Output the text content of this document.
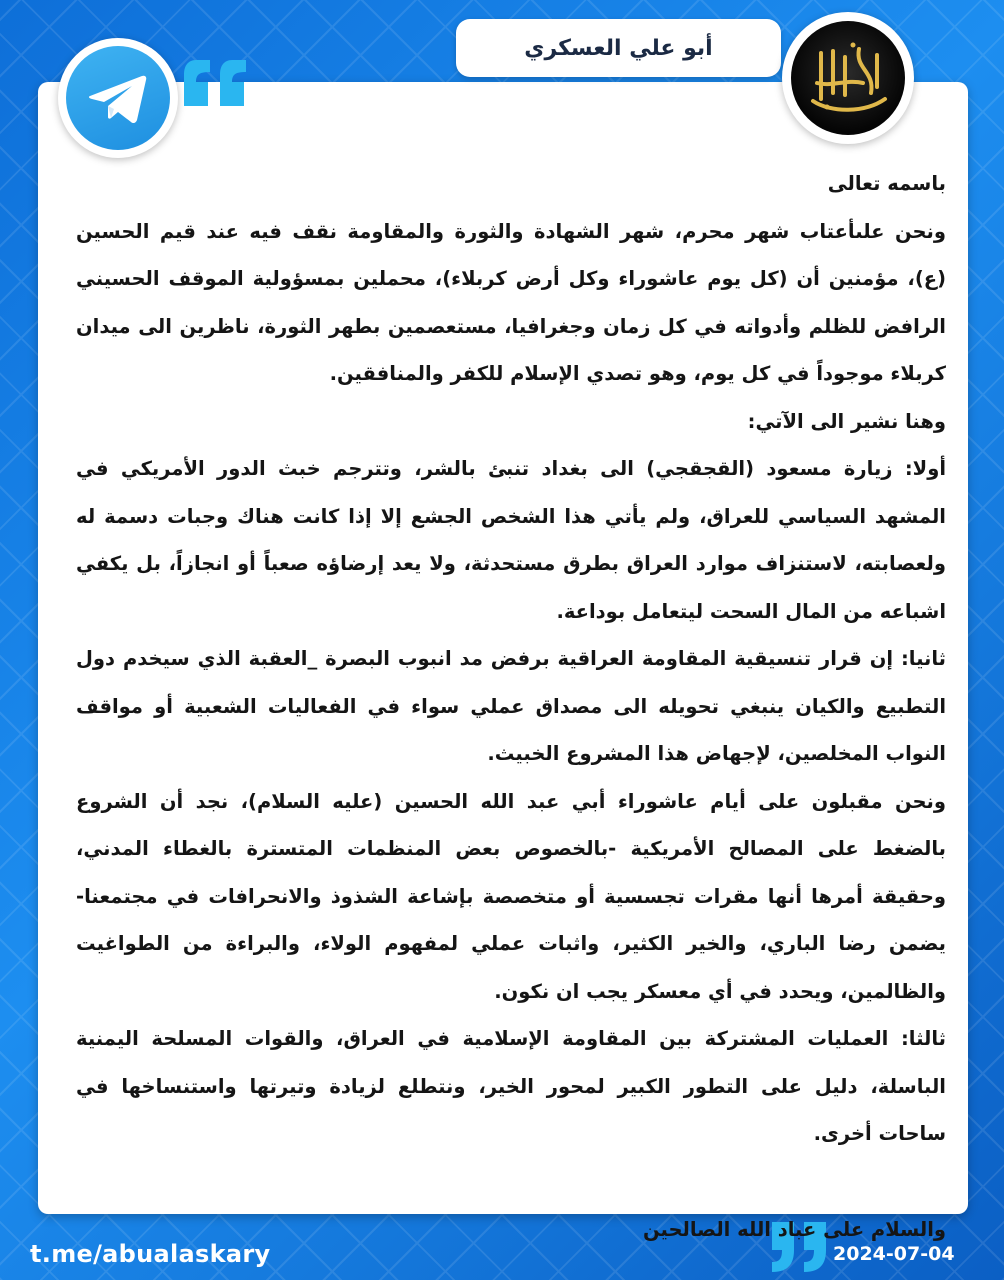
أبو علي العسكري

باسمه تعالى

ونحن علىأعتاب شهر محرم، شهر الشهادة والثورة والمقاومة نقف فيه عند قيم الحسين (ع)، مؤمنين أن (كل يوم عاشوراء وكل أرض كربلاء)، محملين بمسؤولية الموقف الحسيني الرافض للظلم وأدواته في كل زمان وجغرافيا، مستعصمين بطهر الثورة، ناظرين الى ميدان كربلاء موجوداً في كل يوم، وهو تصدي الإسلام للكفر والمنافقين.

وهنا نشير الى الآتي:

أولا: زيارة مسعود (القجقجي) الى بغداد تنبئ بالشر، وتترجم خبث الدور الأمريكي في المشهد السياسي للعراق، ولم يأتي هذا الشخص الجشع إلا إذا كانت هناك وجبات دسمة له ولعصابته، لاستنزاف موارد العراق بطرق مستحدثة، ولا يعد إرضاؤه صعباً أو انجازاً، بل يكفي اشباعه من المال السحت ليتعامل بوداعة.

ثانيا: إن قرار تنسيقية المقاومة العراقية برفض مد انبوب البصرة _العقبة الذي سيخدم دول التطبيع والكيان ينبغي تحويله الى مصداق عملي سواء في الفعاليات الشعبية أو مواقف النواب المخلصين، لإجهاض هذا المشروع الخبيث.

ونحن مقبلون على أيام عاشوراء أبي عبد الله الحسين (عليه السلام)، نجد أن الشروع بالضغط على المصالح الأمريكية -بالخصوص بعض المنظمات المتسترة بالغطاء المدني، وحقيقة أمرها أنها مقرات تجسسية أو متخصصة بإشاعة الشذوذ والانحرافات في مجتمعنا-يضمن رضا الباري، والخير الكثير، واثبات عملي لمفهوم الولاء، والبراءة من الطواغيت والظالمين، ويحدد في أي معسكر يجب ان نكون.

ثالثا: العمليات المشتركة بين المقاومة الإسلامية في العراق، والقوات المسلحة اليمنية الباسلة، دليل على التطور الكبير لمحور الخير، ونتطلع لزيادة وتيرتها واستنساخها في ساحات أخرى.

والسلام على عباد الله الصالحين

t.me/abualaskary	2024-07-04
